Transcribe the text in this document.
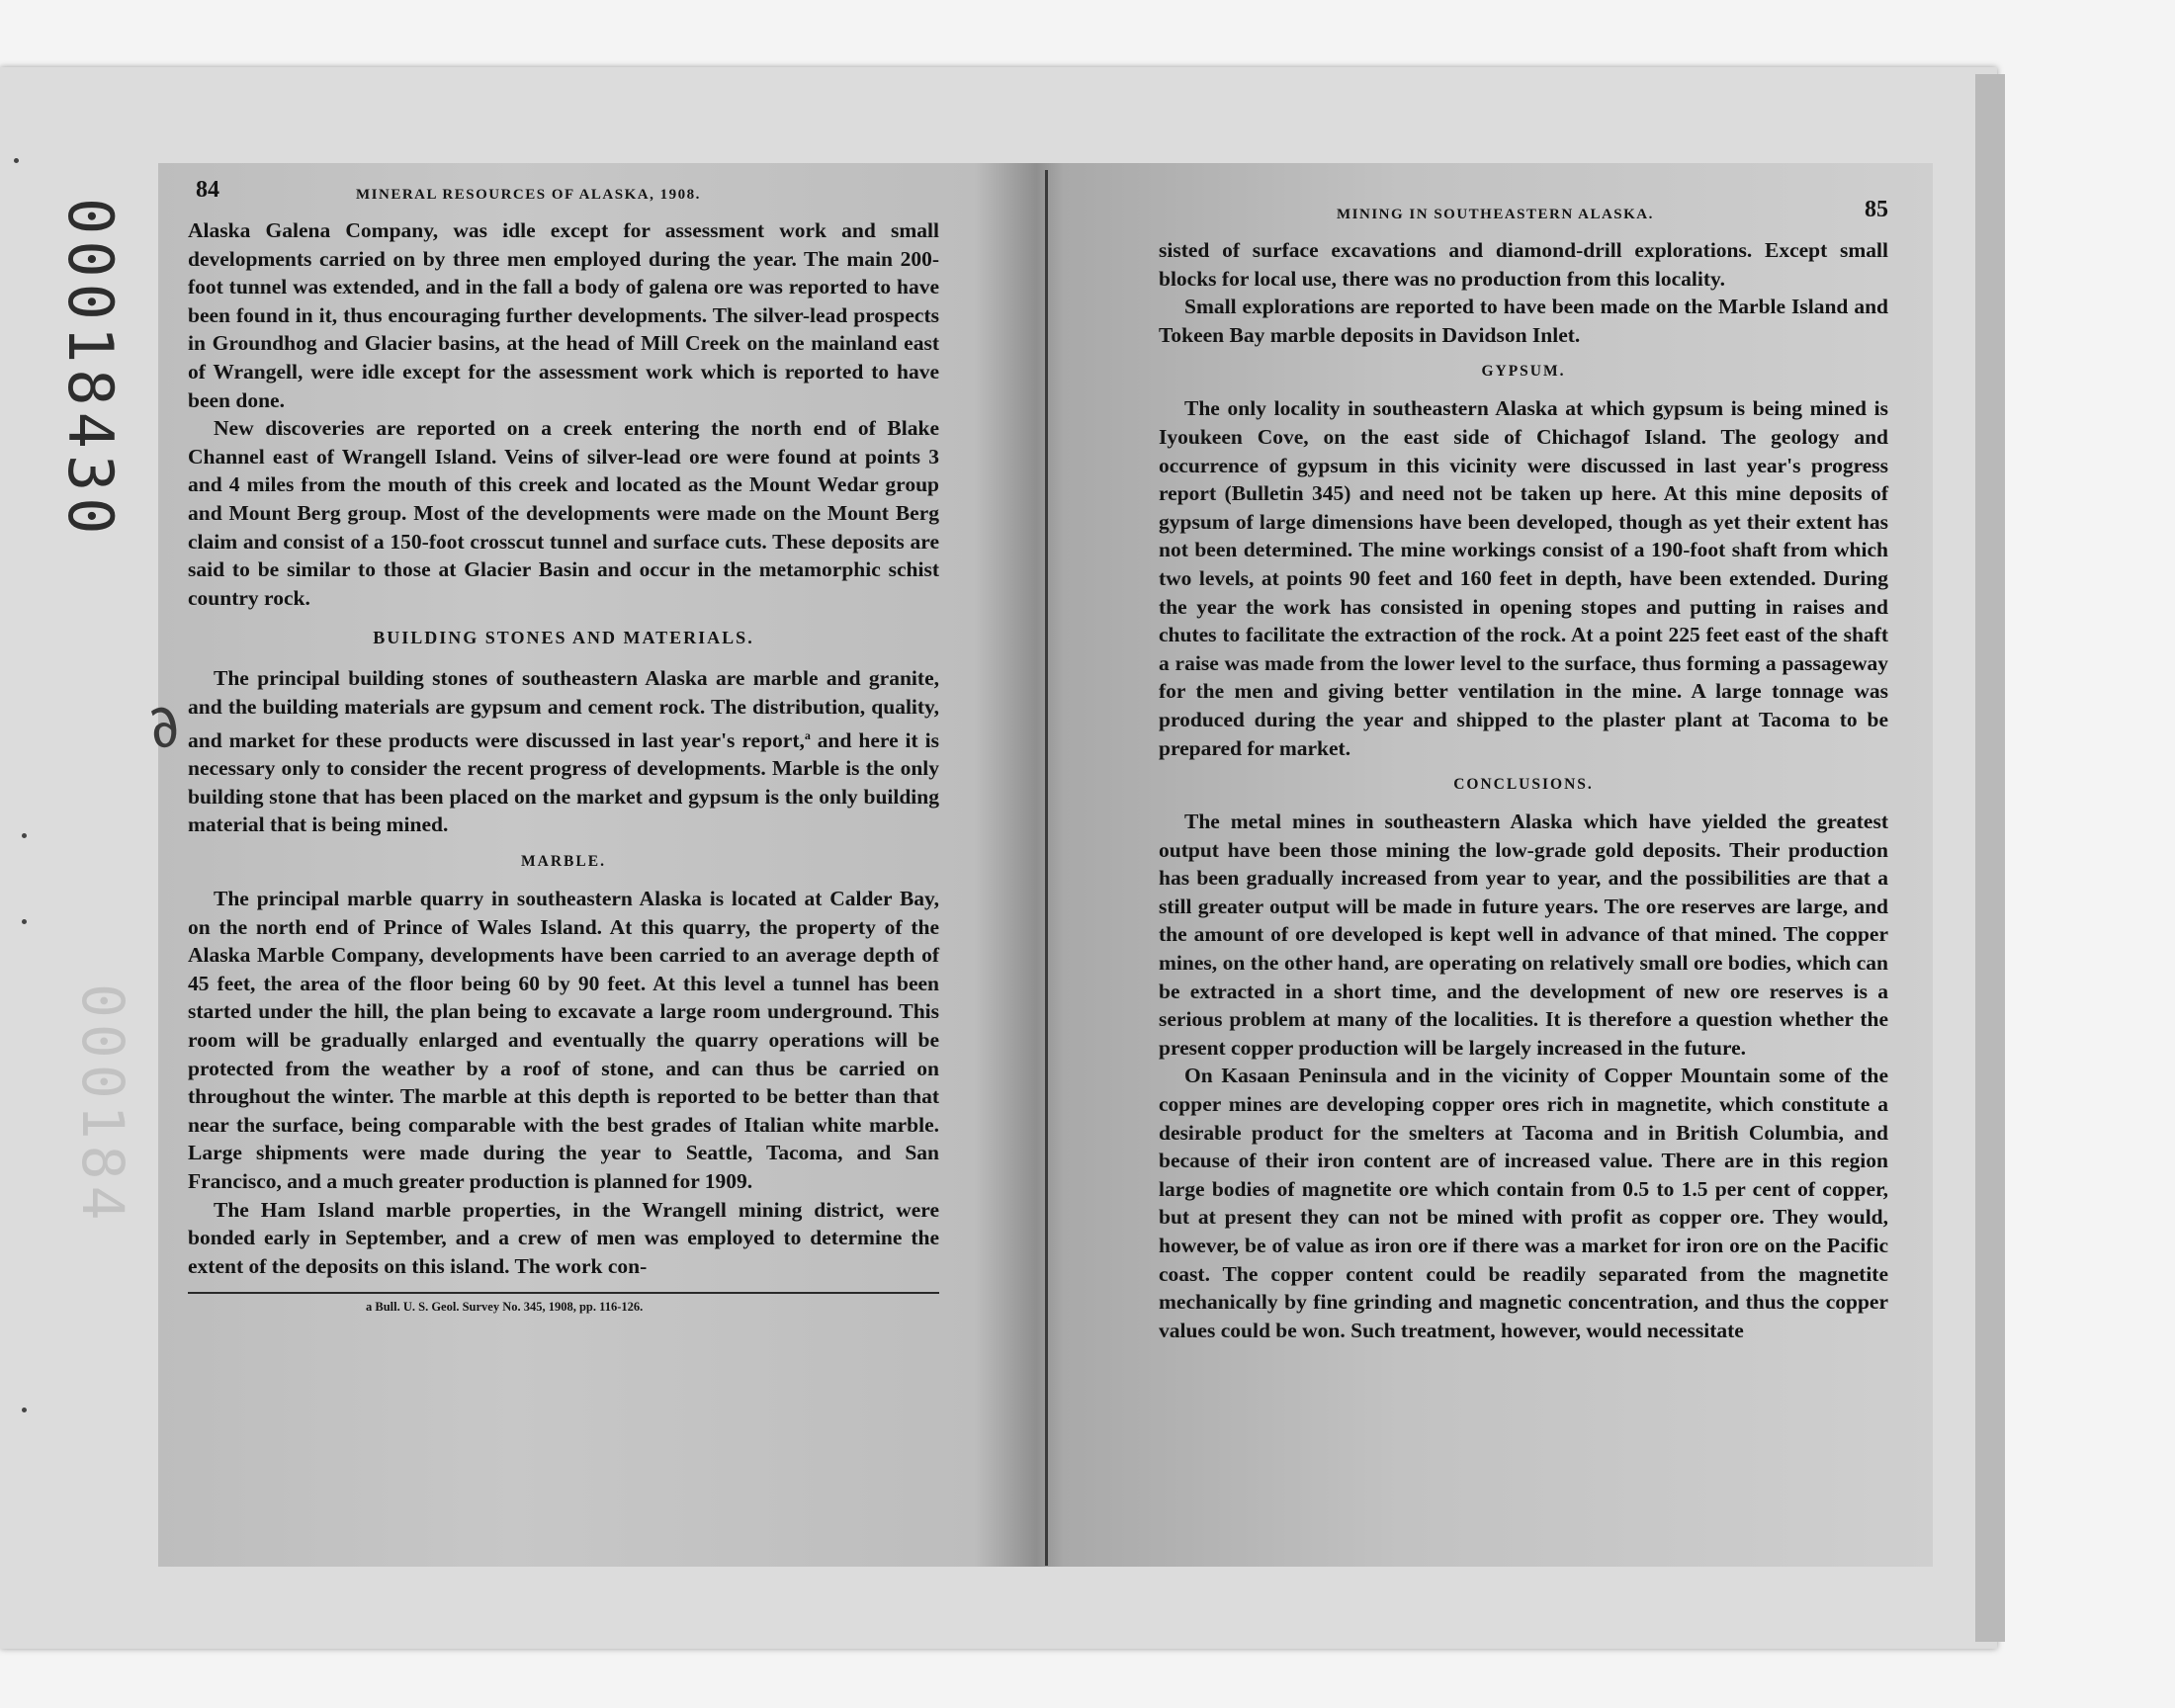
00018430
000184
∂
84	MINERAL RESOURCES OF ALASKA, 1908.

Alaska Galena Company, was idle except for assessment work and small developments carried on by three men employed during the year. The main 200-foot tunnel was extended, and in the fall a body of galena ore was reported to have been found in it, thus encouraging further developments. The silver-lead prospects in Groundhog and Glacier basins, at the head of Mill Creek on the mainland east of Wrangell, were idle except for the assessment work which is reported to have been done.

New discoveries are reported on a creek entering the north end of Blake Channel east of Wrangell Island. Veins of silver-lead ore were found at points 3 and 4 miles from the mouth of this creek and located as the Mount Wedar group and Mount Berg group. Most of the developments were made on the Mount Berg claim and consist of a 150-foot crosscut tunnel and surface cuts. These deposits are said to be similar to those at Glacier Basin and occur in the metamorphic schist country rock.

BUILDING STONES AND MATERIALS.

The principal building stones of southeastern Alaska are marble and granite, and the building materials are gypsum and cement rock. The distribution, quality, and market for these products were discussed in last year's report,$^a$ and here it is necessary only to consider the recent progress of developments. Marble is the only building stone that has been placed on the market and gypsum is the only building material that is being mined.

MARBLE.

The principal marble quarry in southeastern Alaska is located at Calder Bay, on the north end of Prince of Wales Island. At this quarry, the property of the Alaska Marble Company, developments have been carried to an average depth of 45 feet, the area of the floor being 60 by 90 feet. At this level a tunnel has been started under the hill, the plan being to excavate a large room underground. This room will be gradually enlarged and eventually the quarry operations will be protected from the weather by a roof of stone, and can thus be carried on throughout the winter. The marble at this depth is reported to be better than that near the surface, being comparable with the best grades of Italian white marble. Large shipments were made during the year to Seattle, Tacoma, and San Francisco, and a much greater production is planned for 1909.

The Ham Island marble properties, in the Wrangell mining district, were bonded early in September, and a crew of men was employed to determine the extent of the deposits on this island. The work con-

a Bull. U. S. Geol. Survey No. 345, 1908, pp. 116-126.
MINING IN SOUTHEASTERN ALASKA.	85

sisted of surface excavations and diamond-drill explorations. Except small blocks for local use, there was no production from this locality.

Small explorations are reported to have been made on the Marble Island and Tokeen Bay marble deposits in Davidson Inlet.

GYPSUM.

The only locality in southeastern Alaska at which gypsum is being mined is Iyoukeen Cove, on the east side of Chichagof Island. The geology and occurrence of gypsum in this vicinity were discussed in last year's progress report (Bulletin 345) and need not be taken up here. At this mine deposits of gypsum of large dimensions have been developed, though as yet their extent has not been determined. The mine workings consist of a 190-foot shaft from which two levels, at points 90 feet and 160 feet in depth, have been extended. During the year the work has consisted in opening stopes and putting in raises and chutes to facilitate the extraction of the rock. At a point 225 feet east of the shaft a raise was made from the lower level to the surface, thus forming a passageway for the men and giving better ventilation in the mine. A large tonnage was produced during the year and shipped to the plaster plant at Tacoma to be prepared for market.

CONCLUSIONS.

The metal mines in southeastern Alaska which have yielded the greatest output have been those mining the low-grade gold deposits. Their production has been gradually increased from year to year, and the possibilities are that a still greater output will be made in future years. The ore reserves are large, and the amount of ore developed is kept well in advance of that mined. The copper mines, on the other hand, are operating on relatively small ore bodies, which can be extracted in a short time, and the development of new ore reserves is a serious problem at many of the localities. It is therefore a question whether the present copper production will be largely increased in the future.

On Kasaan Peninsula and in the vicinity of Copper Mountain some of the copper mines are developing copper ores rich in magnetite, which constitute a desirable product for the smelters at Tacoma and in British Columbia, and because of their iron content are of increased value. There are in this region large bodies of magnetite ore which contain from 0.5 to 1.5 per cent of copper, but at present they can not be mined with profit as copper ore. They would, however, be of value as iron ore if there was a market for iron ore on the Pacific coast. The copper content could be readily separated from the magnetite mechanically by fine grinding and magnetic concentration, and thus the copper values could be won. Such treatment, however, would necessitate
